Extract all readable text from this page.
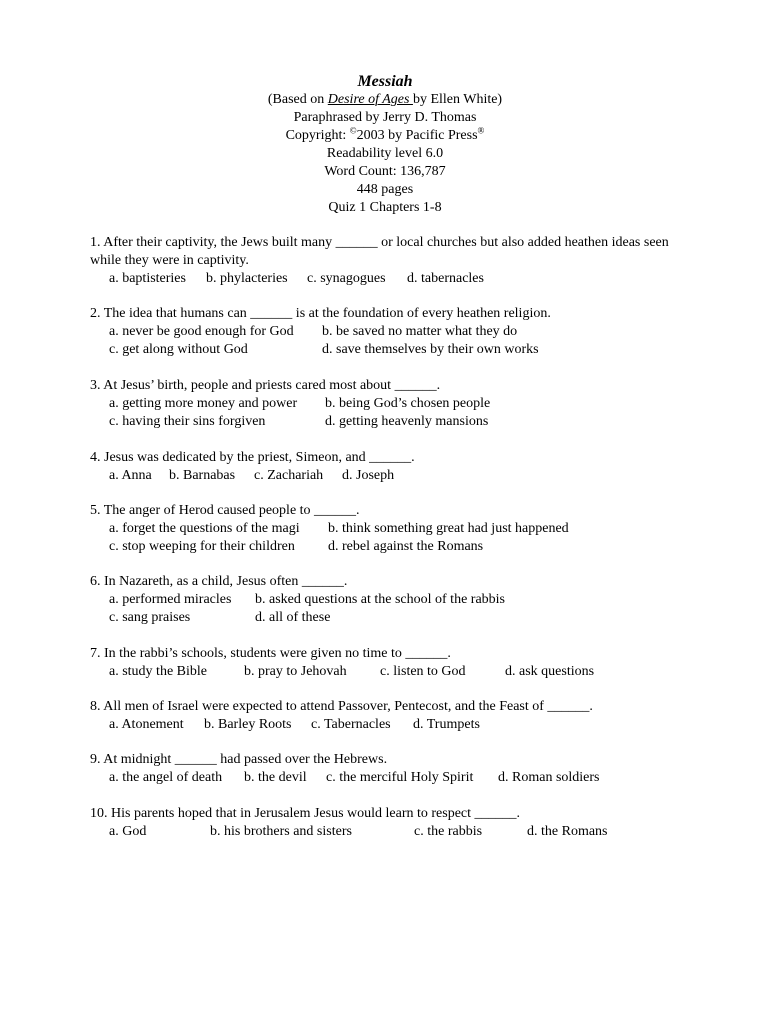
Messiah
(Based on Desire of Ages by Ellen White)
Paraphrased by Jerry D. Thomas
Copyright: ©2003 by Pacific Press®
Readability level 6.0
Word Count: 136,787
448 pages
Quiz 1 Chapters 1-8
1. After their captivity, the Jews built many ______ or local churches but also added heathen ideas seen while they were in captivity.
a. baptisteries b. phylacteries c. synagogues d. tabernacles
2. The idea that humans can ______ is at the foundation of every heathen religion.
a. never be good enough for God b. be saved no matter what they do
c. get along without God	d. save themselves by their own works
3. At Jesus’ birth, people and priests cared most about ______.
a. getting more money and power b. being God’s chosen people
c. having their sins forgiven	d. getting heavenly mansions
4. Jesus was dedicated by the priest, Simeon, and ______.
a. Anna b. Barnabas c. Zachariah d. Joseph
5. The anger of Herod caused people to ______.
a. forget the questions of the magi b. think something great had just happened
c. stop weeping for their children d. rebel against the Romans
6. In Nazareth, as a child, Jesus often ______.
a. performed miracles b. asked questions at the school of the rabbis
c. sang praises	d. all of these
7. In the rabbi’s schools, students were given no time to ______.
a. study the Bible	b. pray to Jehovah c. listen to God	d. ask questions
8. All men of Israel were expected to attend Passover, Pentecost, and the Feast of ______.
a. Atonement b. Barley Roots c. Tabernacles d. Trumpets
9. At midnight ______ had passed over the Hebrews.
a. the angel of death b. the devil c. the merciful Holy Spirit d. Roman soldiers
10. His parents hoped that in Jerusalem Jesus would learn to respect ______.
a. God	b. his brothers and sisters	c. the rabbis	d. the Romans
